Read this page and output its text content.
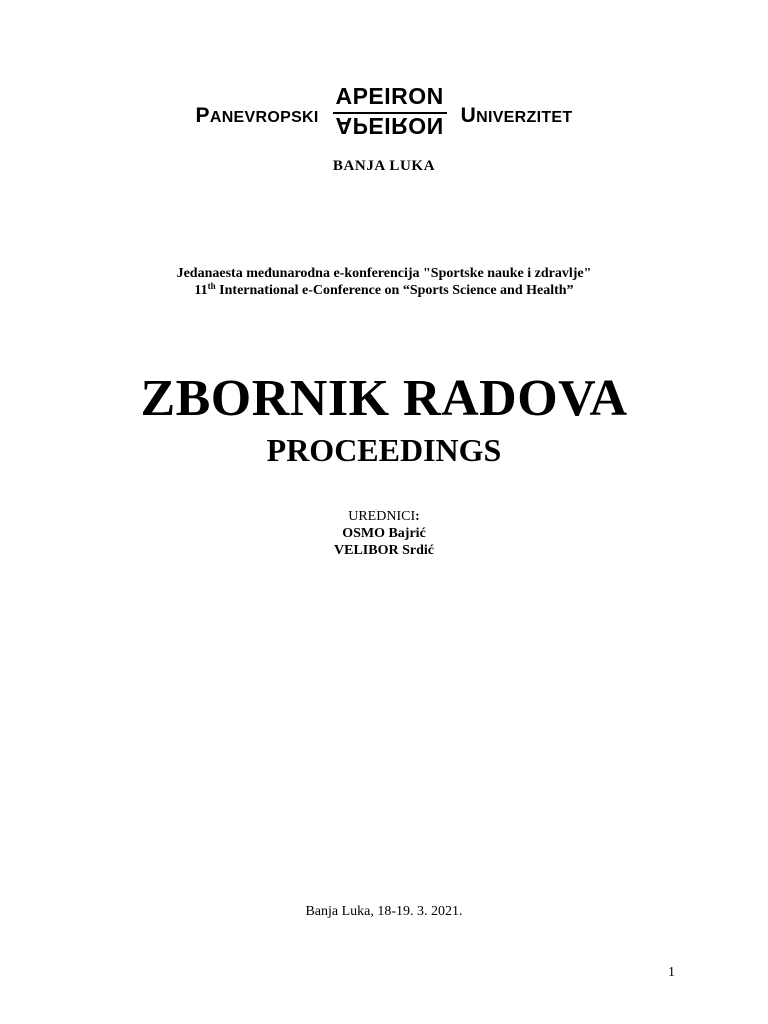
P ANEVROPSKI
APEIRON
APEIRON U NIVERZITET
BANJA LUKA
Jedanaesta međunarodna e-konferencija "Sportske nauke i zdravlje"
11th International e-Conference on “Sports Science and Health”
ZBORNIK RADOVA
PROCEEDINGS
UREDNICI:
OSMO Bajrić
VELIBOR Srdić
Banja Luka, 18-19. 3. 2021.
1
